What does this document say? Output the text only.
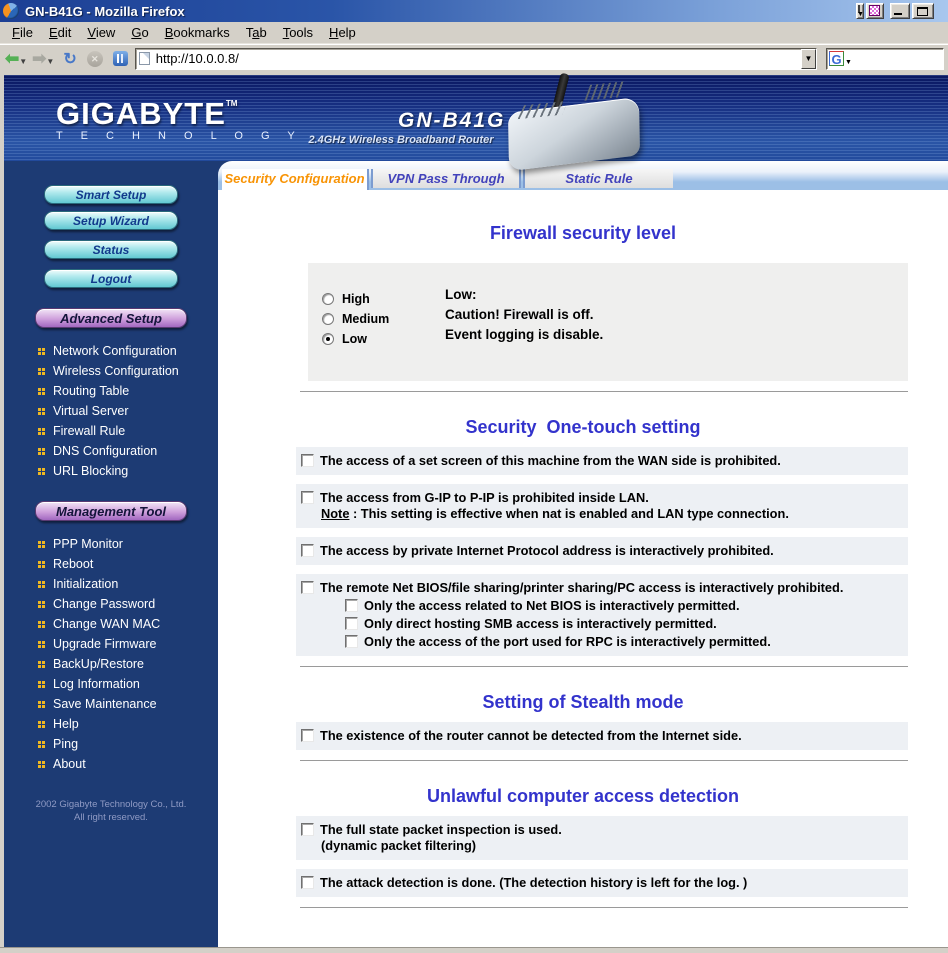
GN-B41G - Mozilla Firefox	▼
File	Edit	View	Go	Bookmarks	Tab	Tools	Help
⬅ ▼ ➡ ▼ ↻	✕	http://10.0.0.8/	▼ G ▼
GIGABYTE™
T E C H N O L O G Y
GN-B41G
2.4GHz Wireless Broadband Router
Smart Setup
Setup Wizard
Status
Logout
Advanced Setup
Network Configuration
Wireless Configuration
Routing Table
Virtual Server
Firewall Rule
DNS Configuration
URL Blocking
Management Tool
PPP Monitor
Reboot
Initialization
Change Password
Change WAN MAC
Upgrade Firmware
BackUp/Restore
Log Information
Save Maintenance
Help
Ping
About
2002 Gigabyte Technology Co., Ltd.
All right reserved.
Security Configuration	VPN Pass Through	Static Rule
Firewall security level
High
Medium
Low
Low:
Caution! Firewall is off.
Event logging is disable.
Security  One-touch setting
The access of a set screen of this machine from the WAN side is prohibited.
The access from G-IP to P-IP is prohibited inside LAN.
Note : This setting is effective when nat is enabled and LAN type connection.
The access by private Internet Protocol address is interactively prohibited.
The remote Net BIOS/file sharing/printer sharing/PC access is interactively prohibited.
Only the access related to Net BIOS is interactively permitted.
Only direct hosting SMB access is interactively permitted.
Only the access of the port used for RPC is interactively permitted.
Setting of Stealth mode
The existence of the router cannot be detected from the Internet side.
Unlawful computer access detection
The full state packet inspection is used.
(dynamic packet filtering)
The attack detection is done. (The detection history is left for the log. )
